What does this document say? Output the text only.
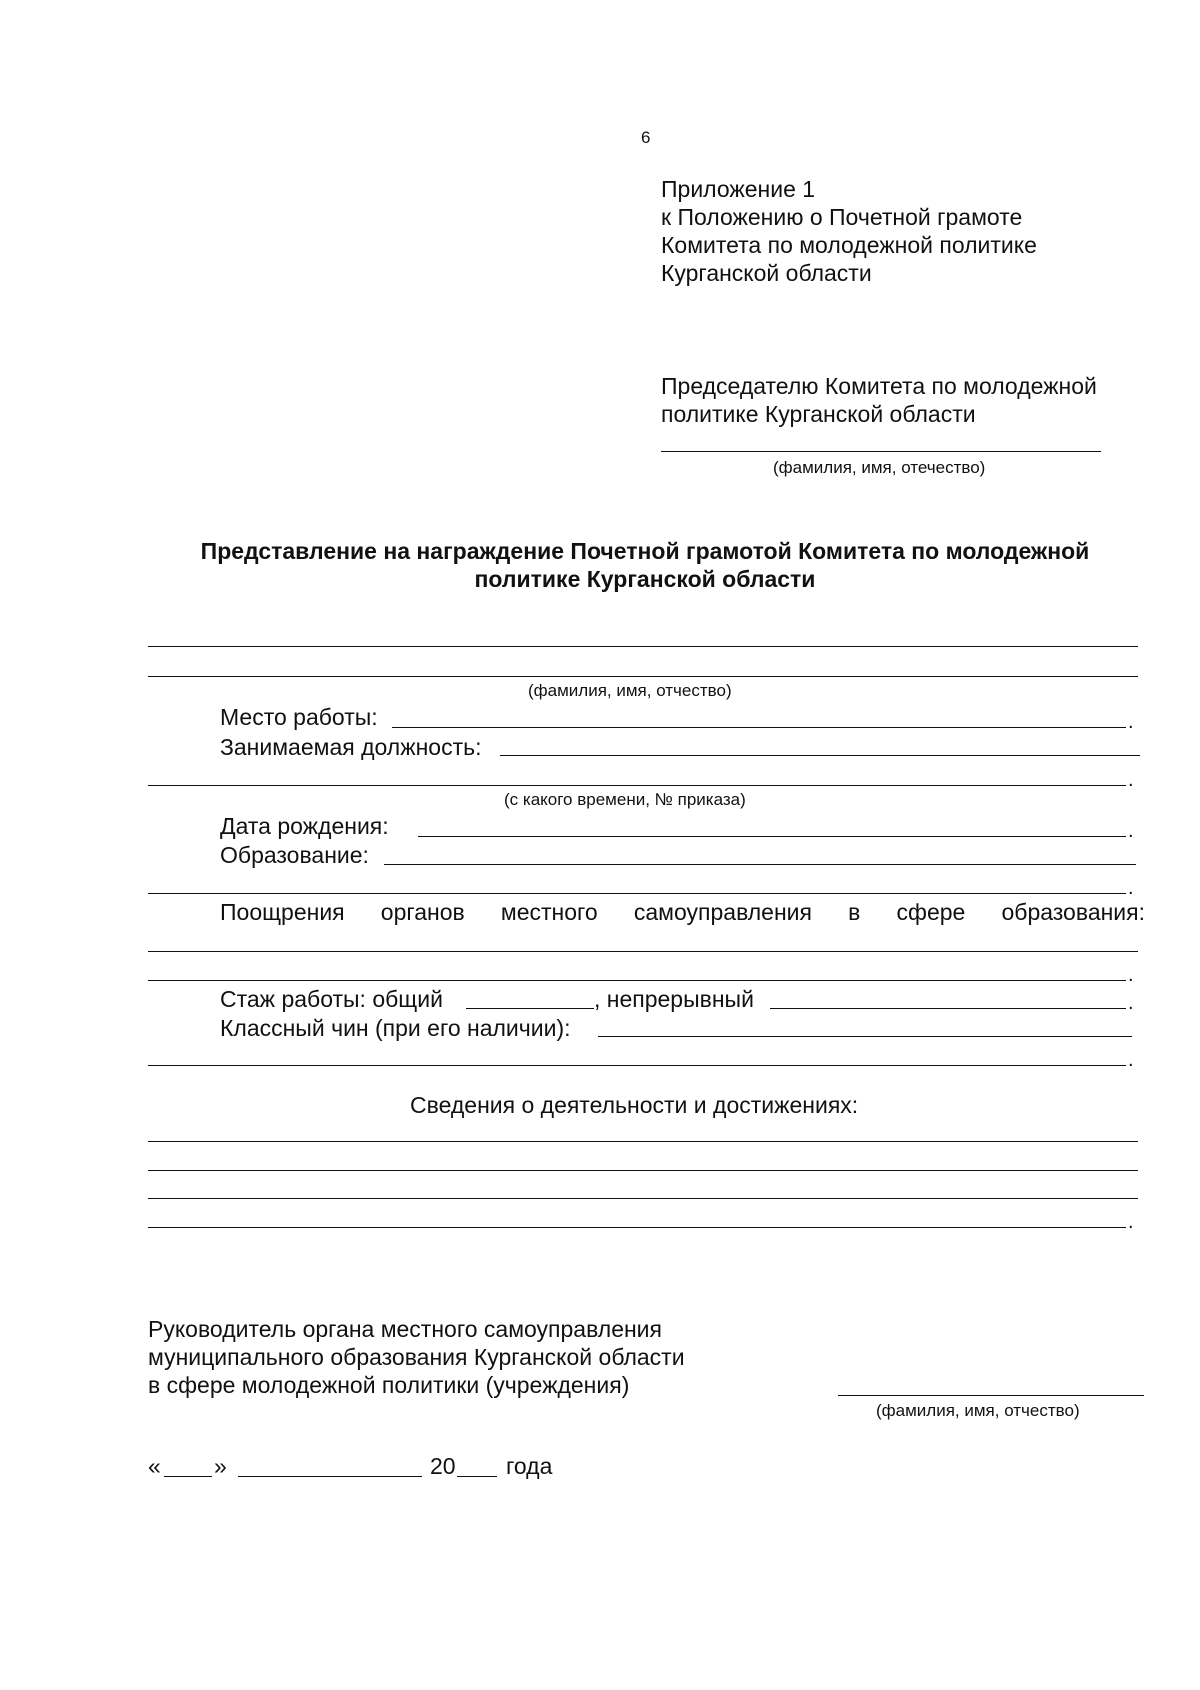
6
Приложение 1
к Положению о Почетной грамоте
Комитета по молодежной политике
Курганской области
Председателю Комитета по молодежной
политике Курганской области
(фамилия, имя, отечество)
Представление на награждение Почетной грамотой Комитета по молодежной
политике Курганской области
(фамилия, имя, отчество)
Место работы:	.
Занимаемая должность:
.
(с какого времени, № приказа)
Дата рождения:	.
Образование:
.
Поощрения органов местного самоуправления в сфере образования:
.
Стаж работы: общий	, непрерывный	.
Классный чин (при его наличии):
.
Сведения о деятельности и достижениях:
.
Руководитель органа местного самоуправления
муниципального образования Курганской области
в сфере молодежной политики (учреждения)
(фамилия, имя, отчество)
« »	20 года
